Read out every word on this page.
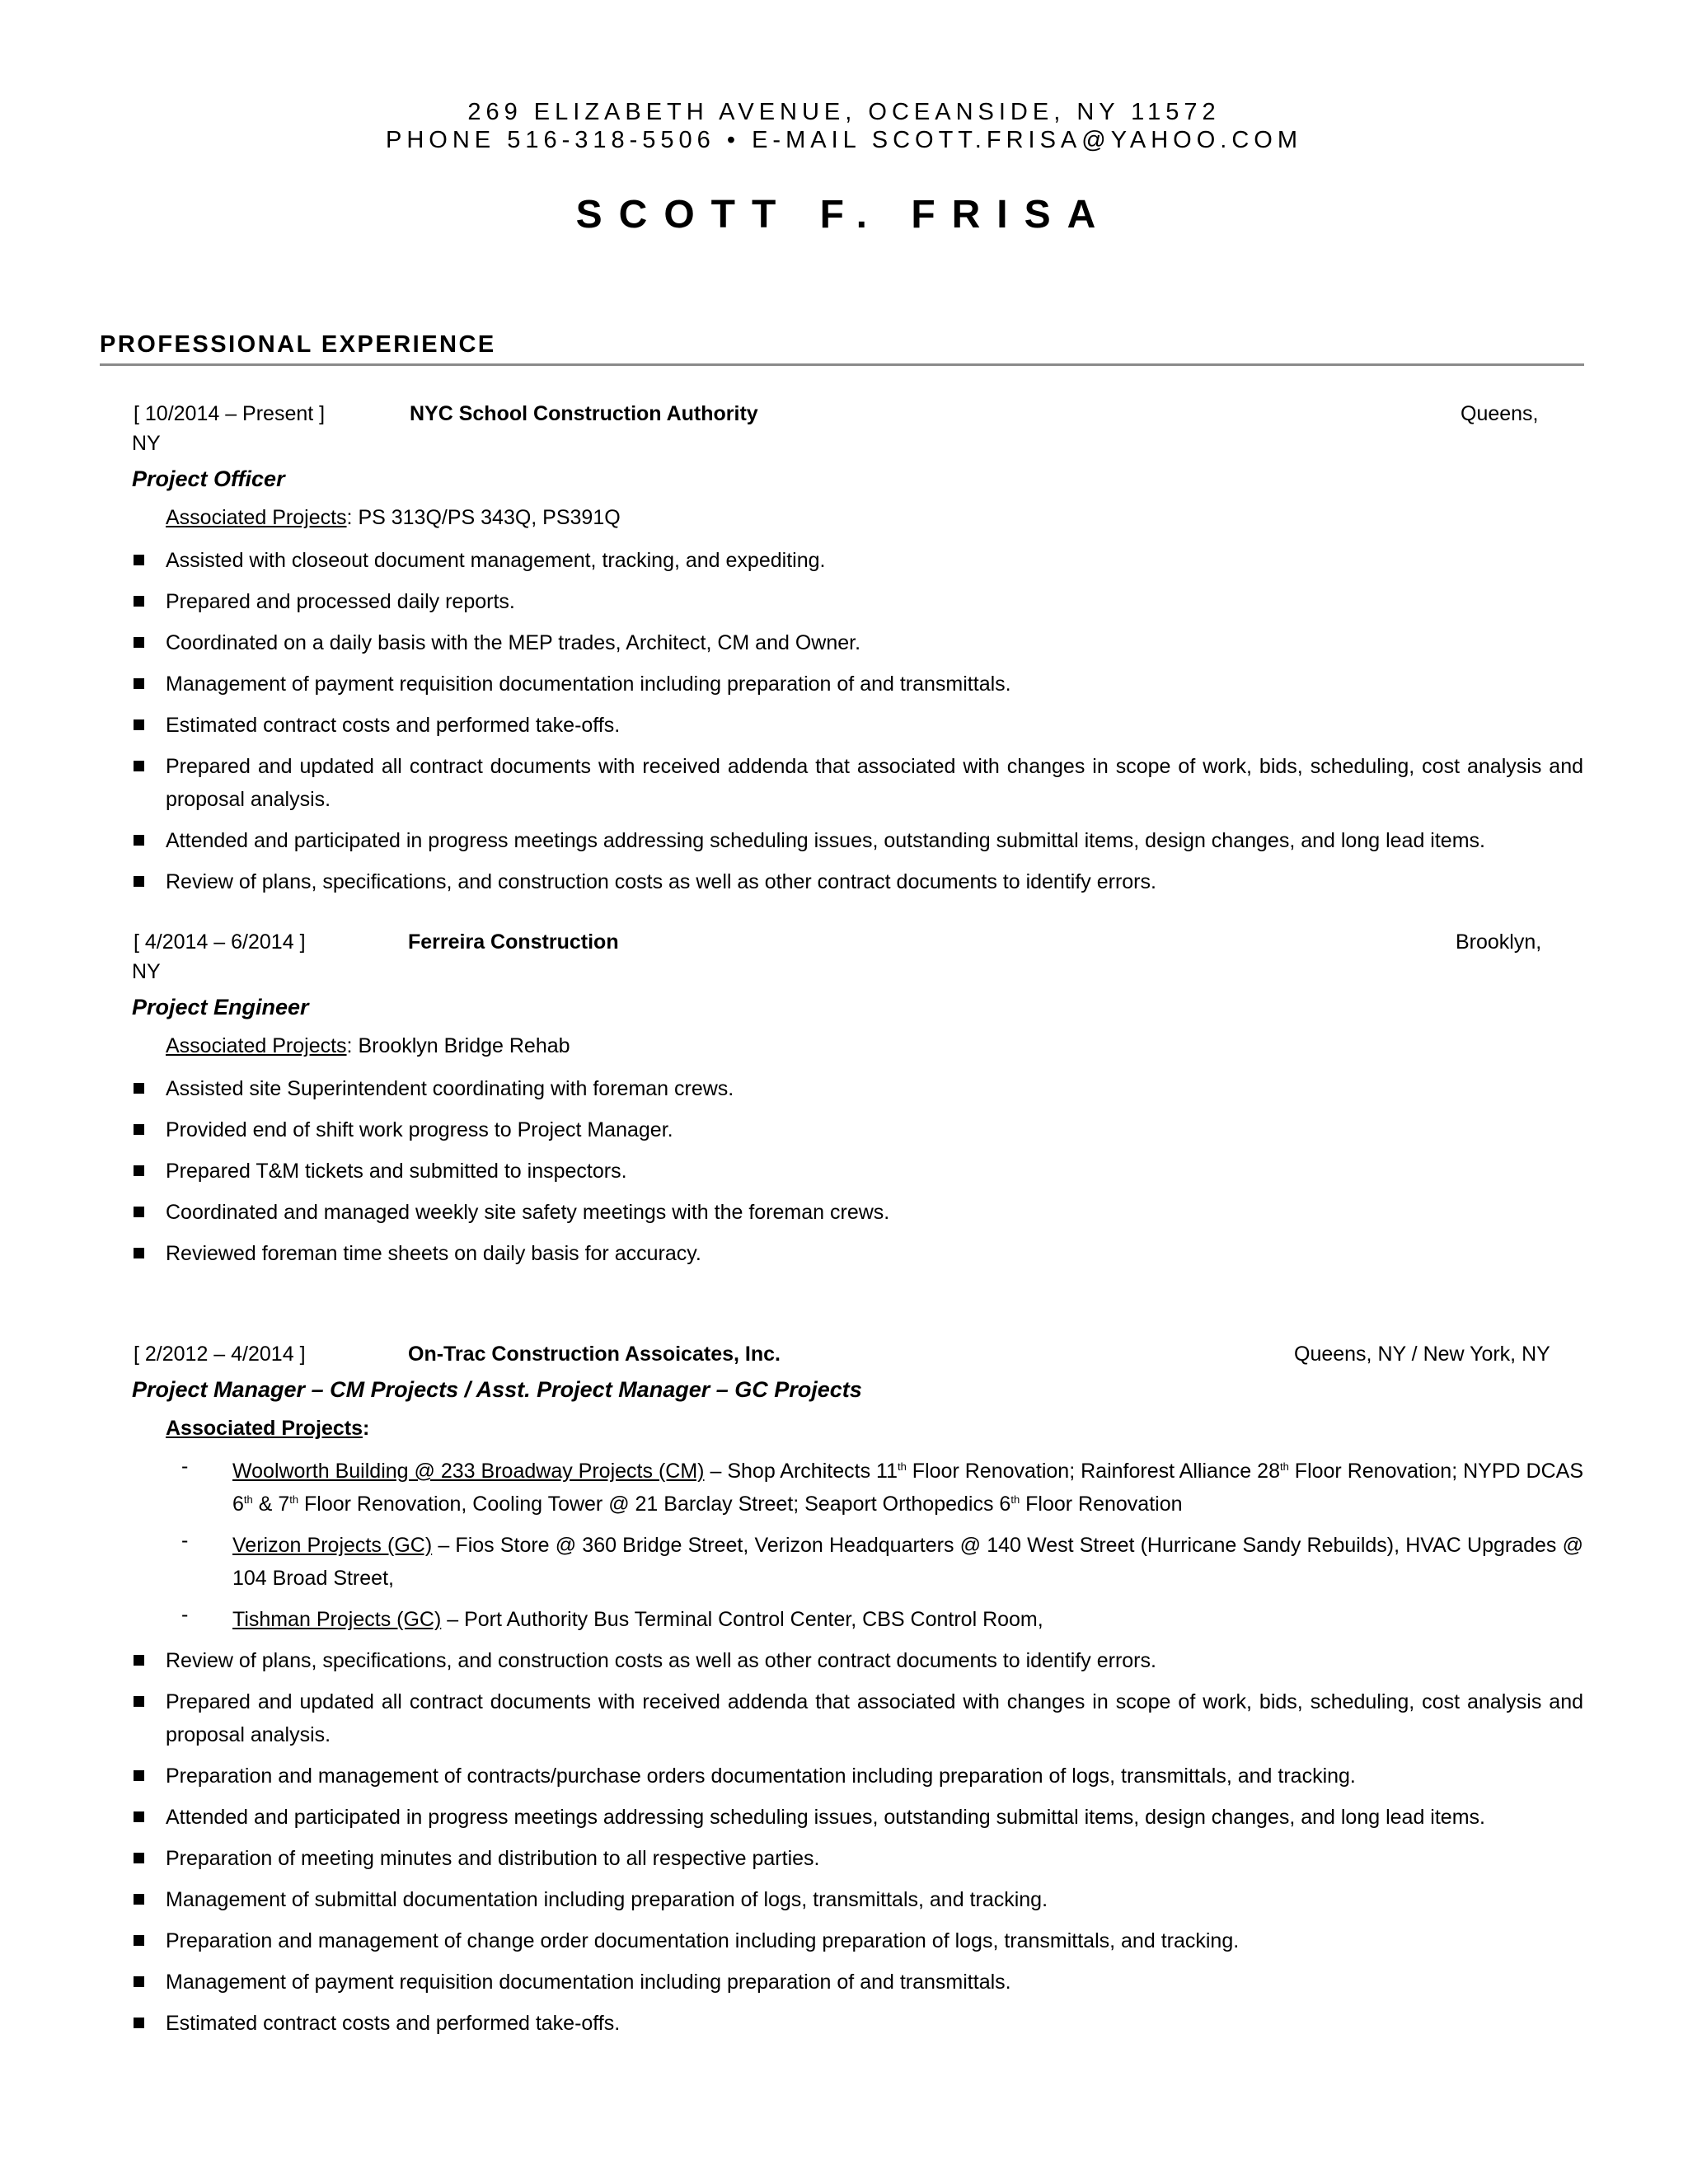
269 ELIZABETH AVENUE, OCEANSIDE, NY 11572
PHONE 516-318-5506 • E-MAIL SCOTT.FRISA@YAHOO.COM
SCOTT F. FRISA
PROFESSIONAL EXPERIENCE
[ 10/2014 – Present ]	NYC School Construction Authority	Queens,
NY
Project Officer
Associated Projects: PS 313Q/PS 343Q, PS391Q
Assisted with closeout document management, tracking, and expediting.
Prepared and processed daily reports.
Coordinated on a daily basis with the MEP trades, Architect, CM and Owner.
Management of payment requisition documentation including preparation of and transmittals.
Estimated contract costs and performed take-offs.
Prepared and updated all contract documents with received addenda that associated with changes in scope of work, bids, scheduling, cost analysis and proposal analysis.
Attended and participated in progress meetings addressing scheduling issues, outstanding submittal items, design changes, and long lead items.
Review of plans, specifications, and construction costs as well as other contract documents to identify errors.
[ 4/2014 – 6/2014 ]	Ferreira Construction	Brooklyn,
NY
Project Engineer
Associated Projects: Brooklyn Bridge Rehab
Assisted site Superintendent coordinating with foreman crews.
Provided end of shift work progress to Project Manager.
Prepared T&M tickets and submitted to inspectors.
Coordinated and managed weekly site safety meetings with the foreman crews.
Reviewed foreman time sheets on daily basis for accuracy.
[ 2/2012 – 4/2014 ]	On-Trac Construction Assoicates, Inc.	Queens, NY / New York, NY
Project Manager – CM Projects / Asst. Project Manager – GC Projects
Associated Projects:
- Woolworth Building @ 233 Broadway Projects (CM) – Shop Architects 11th Floor Renovation; Rainforest Alliance 28th Floor Renovation; NYPD DCAS 6th & 7th Floor Renovation, Cooling Tower @ 21 Barclay Street; Seaport Orthopedics 6th Floor Renovation
- Verizon Projects (GC) – Fios Store @ 360 Bridge Street, Verizon Headquarters @ 140 West Street (Hurricane Sandy Rebuilds), HVAC Upgrades @ 104 Broad Street,
- Tishman Projects (GC) – Port Authority Bus Terminal Control Center, CBS Control Room,
Review of plans, specifications, and construction costs as well as other contract documents to identify errors.
Prepared and updated all contract documents with received addenda that associated with changes in scope of work, bids, scheduling, cost analysis and proposal analysis.
Preparation and management of contracts/purchase orders documentation including preparation of logs, transmittals, and tracking.
Attended and participated in progress meetings addressing scheduling issues, outstanding submittal items, design changes, and long lead items.
Preparation of meeting minutes and distribution to all respective parties.
Management of submittal documentation including preparation of logs, transmittals, and tracking.
Preparation and management of change order documentation including preparation of logs, transmittals, and tracking.
Management of payment requisition documentation including preparation of and transmittals.
Estimated contract costs and performed take-offs.
